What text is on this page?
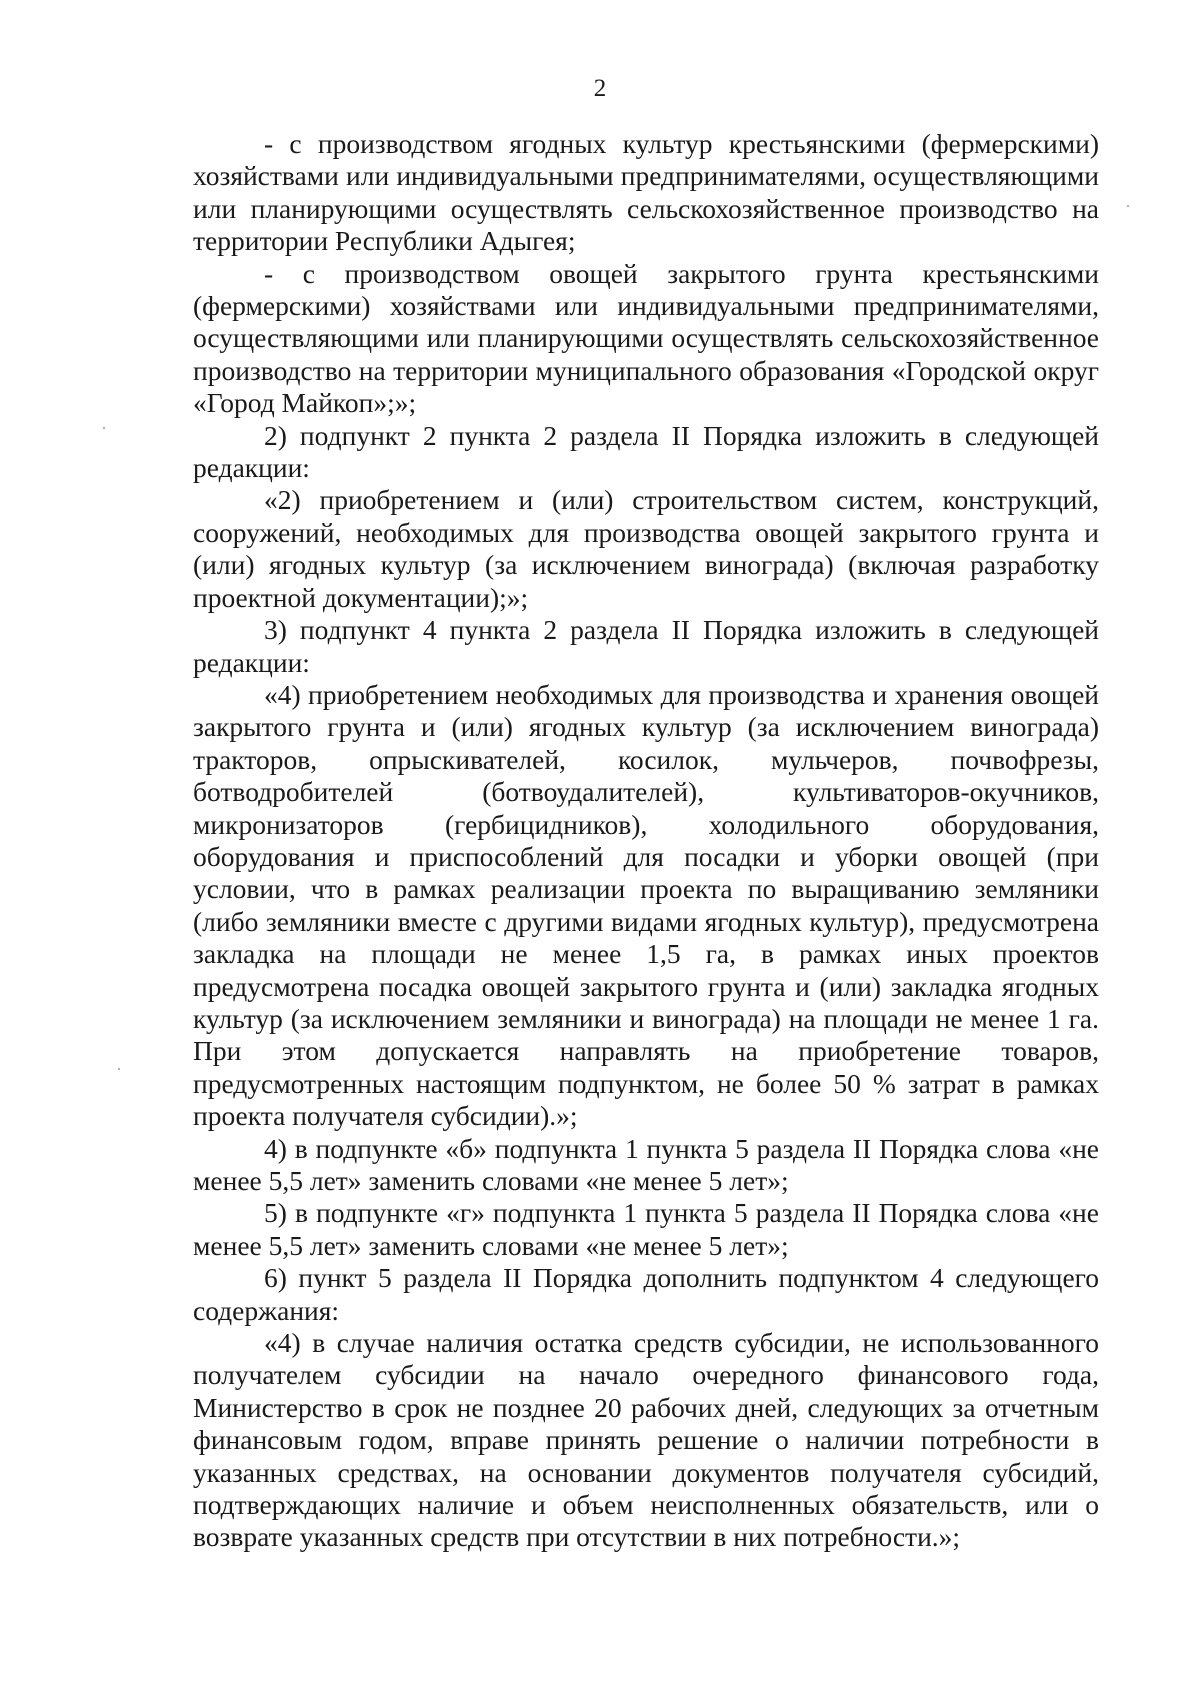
2

- с производством ягодных культур крестьянскими (фермерскими) хозяйствами или индивидуальными предпринимателями, осуществляющими или планирующими осуществлять сельскохозяйственное производство на территории Республики Адыгея;

- с производством овощей закрытого грунта крестьянскими (фермерскими) хозяйствами или индивидуальными предпринимателями, осуществляющими или планирующими осуществлять сельскохозяйственное производство на территории муниципального образования «Городской округ «Город Майкоп»;»;

2) подпункт 2 пункта 2 раздела II Порядка изложить в следующей редакции:

«2) приобретением и (или) строительством систем, конструкций, сооружений, необходимых для производства овощей закрытого грунта и (или) ягодных культур (за исключением винограда) (включая разработку проектной документации);»;

3) подпункт 4 пункта 2 раздела II Порядка изложить в следующей редакции:

«4) приобретением необходимых для производства и хранения овощей закрытого грунта и (или) ягодных культур (за исключением винограда) тракторов, опрыскивателей, косилок, мульчеров, почвофрезы, ботводробителей (ботвоудалителей), культиваторов-окучников, микронизаторов (гербицидников), холодильного оборудования, оборудования и приспособлений для посадки и уборки овощей (при условии, что в рамках реализации проекта по выращиванию земляники (либо земляники вместе с другими видами ягодных культур), предусмотрена закладка на площади не менее 1,5 га, в рамках иных проектов предусмотрена посадка овощей закрытого грунта и (или) закладка ягодных культур (за исключением земляники и винограда) на площади не менее 1 га. При этом допускается направлять на приобретение товаров, предусмотренных настоящим подпунктом, не более 50 % затрат в рамках проекта получателя субсидии).»;

4) в подпункте «б» подпункта 1 пункта 5 раздела II Порядка слова «не менее 5,5 лет» заменить словами «не менее 5 лет»;

5) в подпункте «г» подпункта 1 пункта 5 раздела II Порядка слова «не менее 5,5 лет» заменить словами «не менее 5 лет»;

6) пункт 5 раздела II Порядка дополнить подпунктом 4 следующего содержания:

«4) в случае наличия остатка средств субсидии, не использованного получателем субсидии на начало очередного финансового года, Министерство в срок не позднее 20 рабочих дней, следующих за отчетным финансовым годом, вправе принять решение о наличии потребности в указанных средствах, на основании документов получателя субсидий, подтверждающих наличие и объем неисполненных обязательств, или о возврате указанных средств при отсутствии в них потребности.»;
